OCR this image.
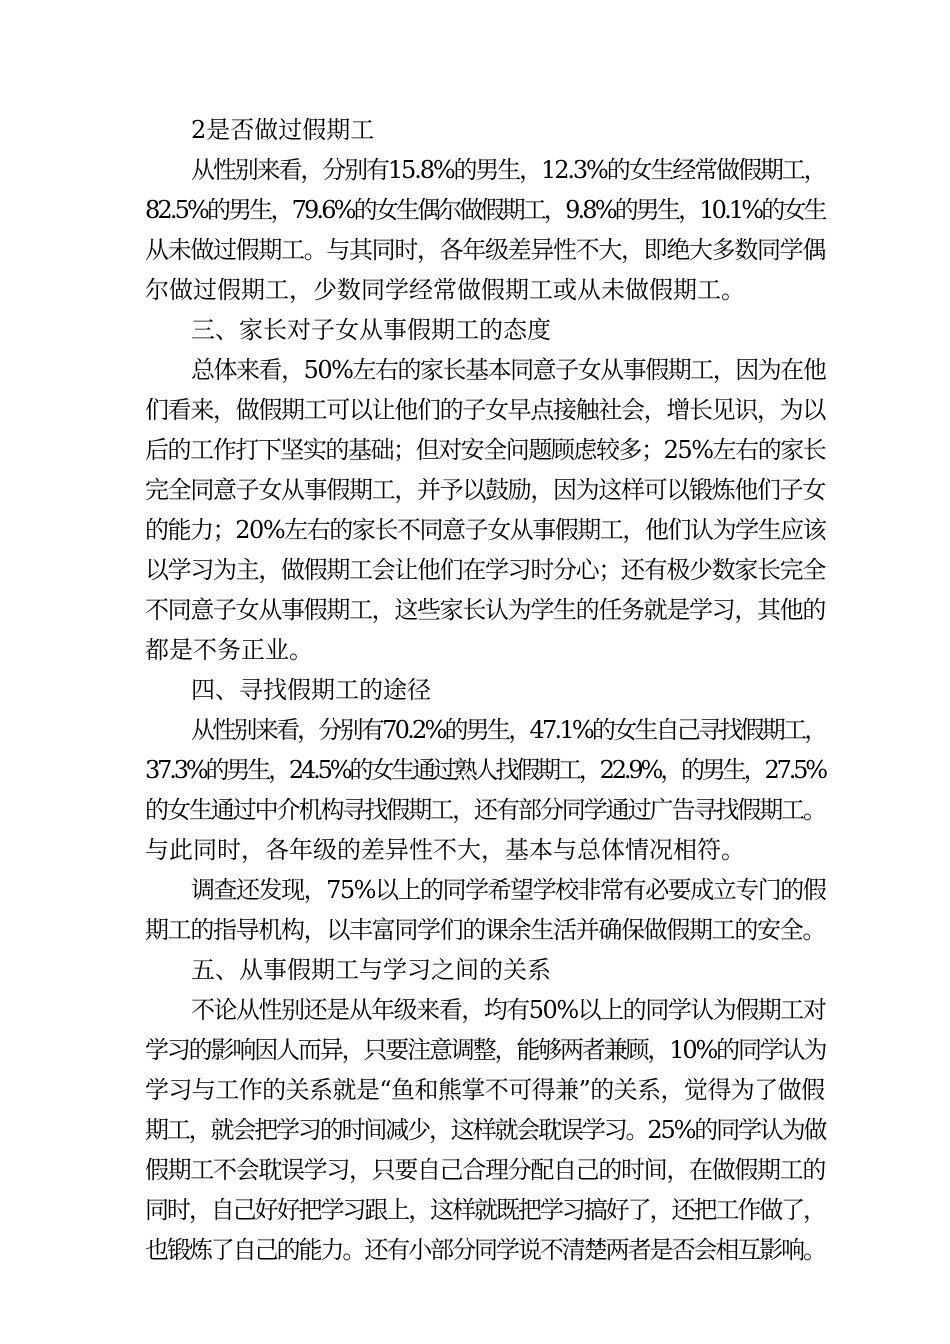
2是否做过假期工
从性别来看，分别有15.8%的男生，12.3%的女生经常做假期工，
82.5%的男生，79.6%的女生偶尔做假期工，9.8%的男生，10.1%的女生
从未做过假期工。与其同时，各年级差异性不大，即绝大多数同学偶
尔做过假期工，少数同学经常做假期工或从未做假期工。
三、家长对子女从事假期工的态度
总体来看，50%左右的家长基本同意子女从事假期工，因为在他
们看来，做假期工可以让他们的子女早点接触社会，增长见识，为以
后的工作打下坚实的基础；但对安全问题顾虑较多；25%左右的家长
完全同意子女从事假期工，并予以鼓励，因为这样可以锻炼他们子女
的能力；20%左右的家长不同意子女从事假期工，他们认为学生应该
以学习为主，做假期工会让他们在学习时分心；还有极少数家长完全
不同意子女从事假期工，这些家长认为学生的任务就是学习，其他的
都是不务正业。
四、寻找假期工的途径
从性别来看，分别有70.2%的男生，47.1%的女生自己寻找假期工，
37.3%的男生，24.5%的女生通过熟人找假期工，22.9%，的男生，27.5%
的女生通过中介机构寻找假期工，还有部分同学通过广告寻找假期工。
与此同时，各年级的差异性不大，基本与总体情况相符。
调查还发现，75%以上的同学希望学校非常有必要成立专门的假
期工的指导机构，以丰富同学们的课余生活并确保做假期工的安全。
五、从事假期工与学习之间的关系
不论从性别还是从年级来看，均有50%以上的同学认为假期工对
学习的影响因人而异，只要注意调整，能够两者兼顾，10%的同学认为
学习与工作的关系就是“鱼和熊掌不可得兼”的关系，觉得为了做假
期工，就会把学习的时间减少，这样就会耽误学习。25%的同学认为做
假期工不会耽误学习，只要自己合理分配自己的时间，在做假期工的
同时，自己好好把学习跟上，这样就既把学习搞好了，还把工作做了，
也锻炼了自己的能力。还有小部分同学说不清楚两者是否会相互影响。
